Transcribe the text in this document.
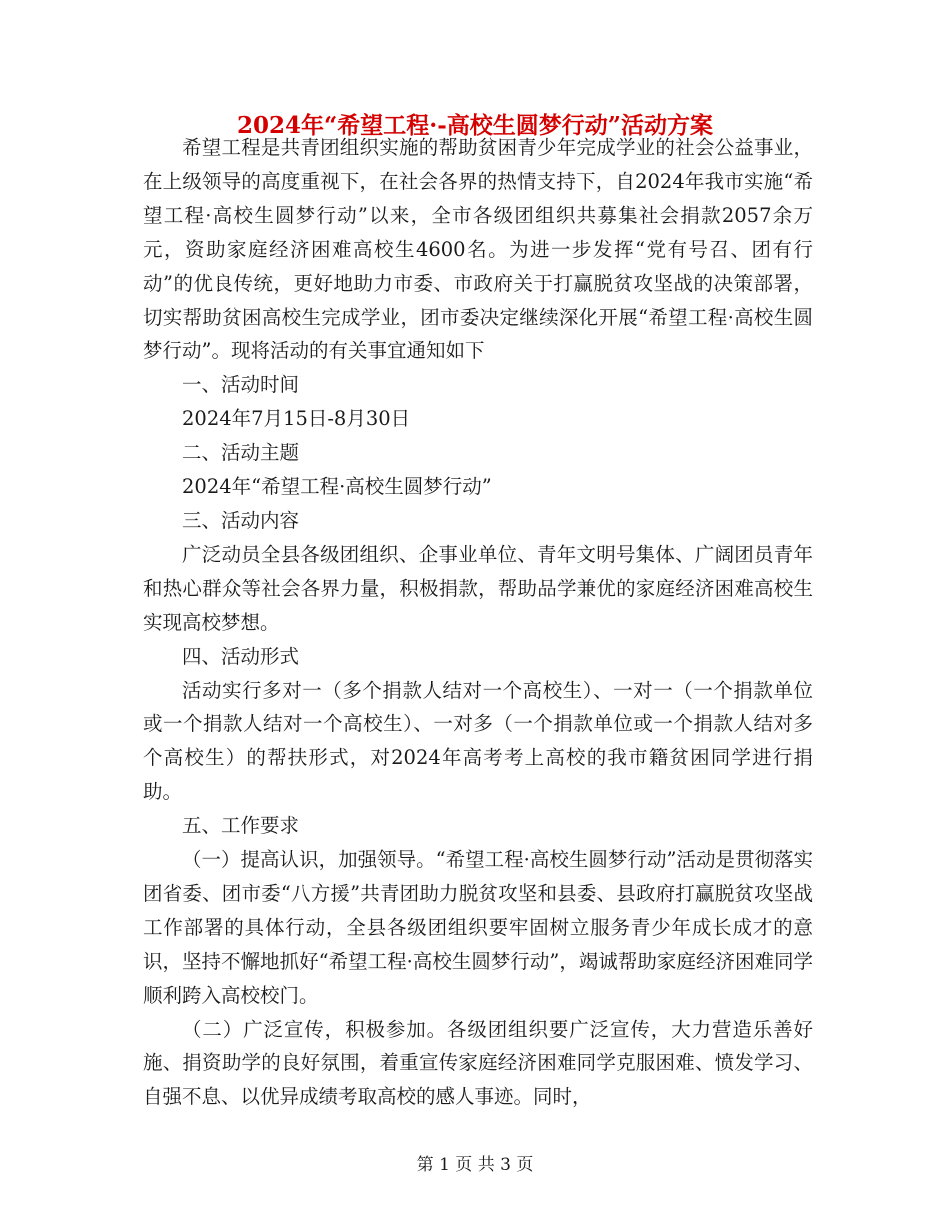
2024年“希望工程·-高校生圆梦行动”活动方案

希望工程是共青团组织实施的帮助贫困青少年完成学业的社会公益事业，在上级领导的高度重视下，在社会各界的热情支持下，自2024年我市实施“希望工程·高校生圆梦行动”以来，全市各级团组织共募集社会捐款2057余万元，资助家庭经济困难高校生4600名。为进一步发挥“党有号召、团有行动”的优良传统，更好地助力市委、市政府关于打赢脱贫攻坚战的决策部署，切实帮助贫困高校生完成学业，团市委决定继续深化开展“希望工程·高校生圆梦行动”。现将活动的有关事宜通知如下

一、活动时间

2024年7月15日-8月30日

二、活动主题

2024年“希望工程·高校生圆梦行动”

三、活动内容

广泛动员全县各级团组织、企事业单位、青年文明号集体、广阔团员青年和热心群众等社会各界力量，积极捐款，帮助品学兼优的家庭经济困难高校生实现高校梦想。

四、活动形式

活动实行多对一（多个捐款人结对一个高校生）、一对一（一个捐款单位或一个捐款人结对一个高校生）、一对多（一个捐款单位或一个捐款人结对多个高校生）的帮扶形式，对2024年高考考上高校的我市籍贫困同学进行捐助。

五、工作要求

（一）提高认识，加强领导。“希望工程·高校生圆梦行动”活动是贯彻落实团省委、团市委“八方援”共青团助力脱贫攻坚和县委、县政府打赢脱贫攻坚战工作部署的具体行动，全县各级团组织要牢固树立服务青少年成长成才的意识，坚持不懈地抓好“希望工程·高校生圆梦行动”，竭诚帮助家庭经济困难同学顺利跨入高校校门。

（二）广泛宣传，积极参加。各级团组织要广泛宣传，大力营造乐善好施、捐资助学的良好氛围，着重宣传家庭经济困难同学克服困难、愤发学习、自强不息、以优异成绩考取高校的感人事迹。同时，

第 1 页 共 3 页
